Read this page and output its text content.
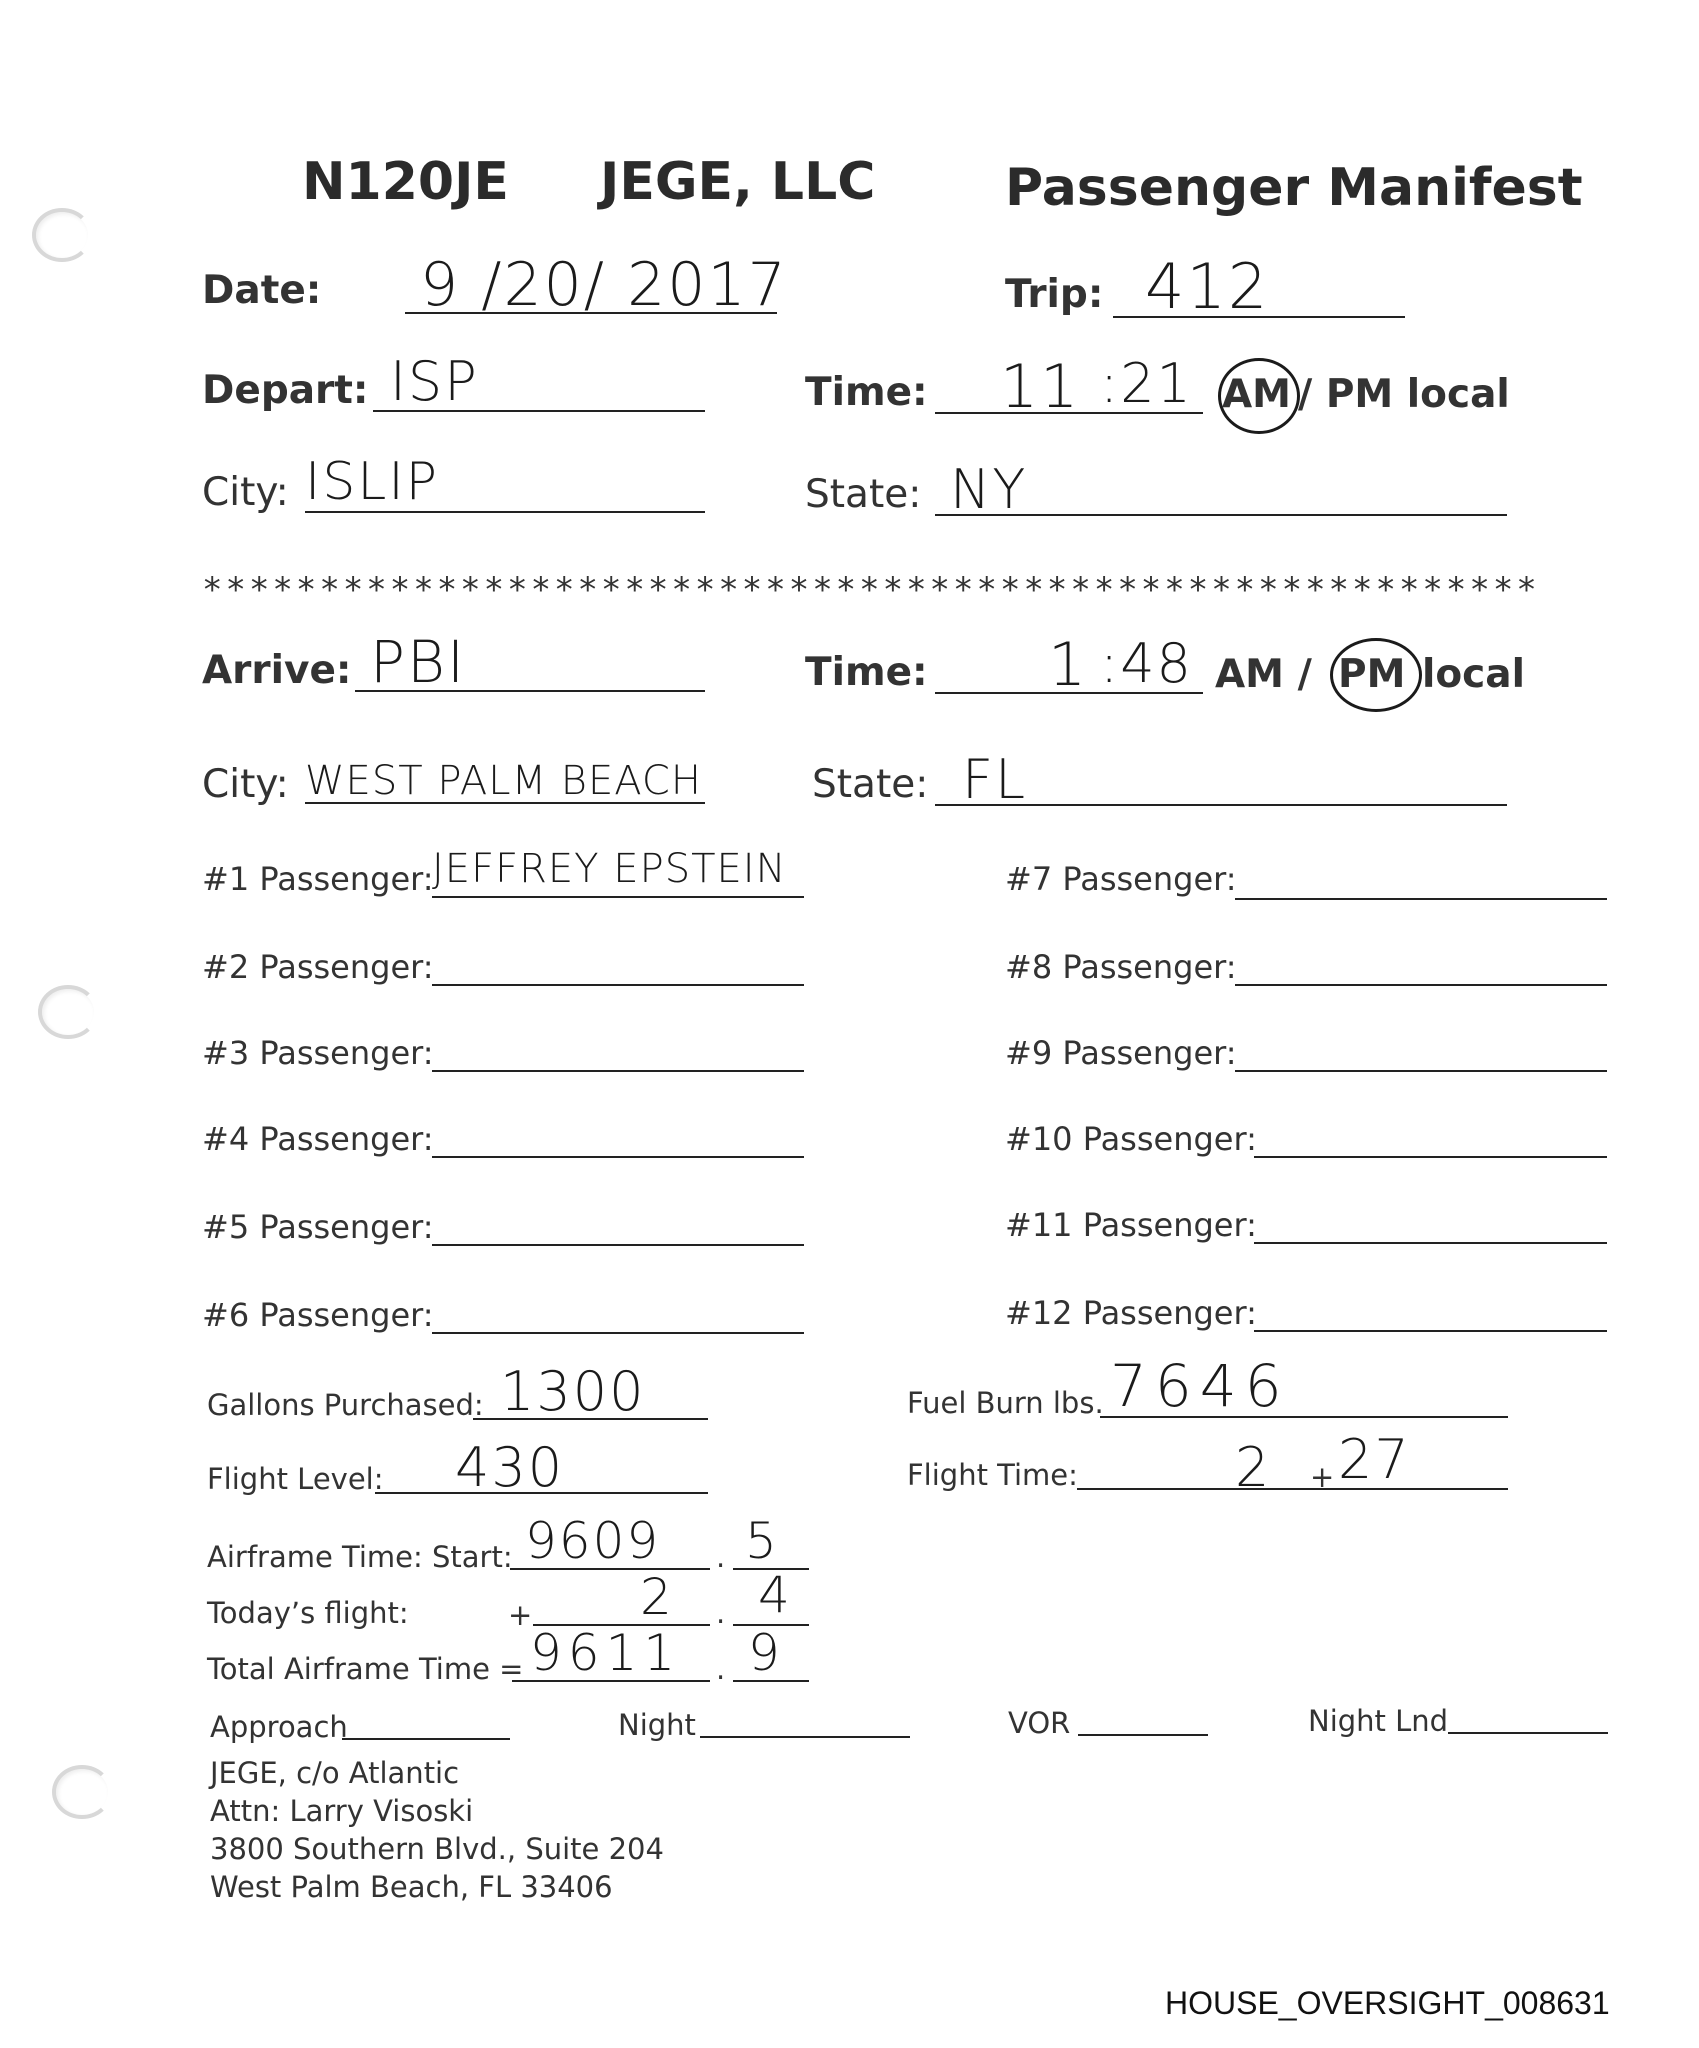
N120JE JEGE, LLC Passenger Manifest
Date: 9 /20/ 2017	Trip: 412
Depart: ISP	Time: 11 :21 AM / PM local
City: ISLIP	State: NY
*********************************************************
Arrive: PBI	Time: 1 :48 AM / PM local
City: WEST PALM BEACH	State: FL
#1 Passenger:
JEFFREY EPSTEIN
#2 Passenger:
#3 Passenger:
#4 Passenger:
#5 Passenger:
#6 Passenger:
#7 Passenger:
#8 Passenger:
#9 Passenger:
#10 Passenger:
#11 Passenger:
#12 Passenger:
Gallons Purchased: 1300	Fuel Burn lbs. 7646
Flight Level: 430	Flight Time:	2 + 27
Airframe Time: Start: 9609 . 5
Today’s flight:	+ 2 . 4
Total Airframe Time = 9611 . 9
Approach	Night	VOR	Night Lnd
JEGE, c/o Atlantic
Attn: Larry Visoski
3800 Southern Blvd., Suite 204
West Palm Beach, FL 33406
HOUSE_OVERSIGHT_008631
